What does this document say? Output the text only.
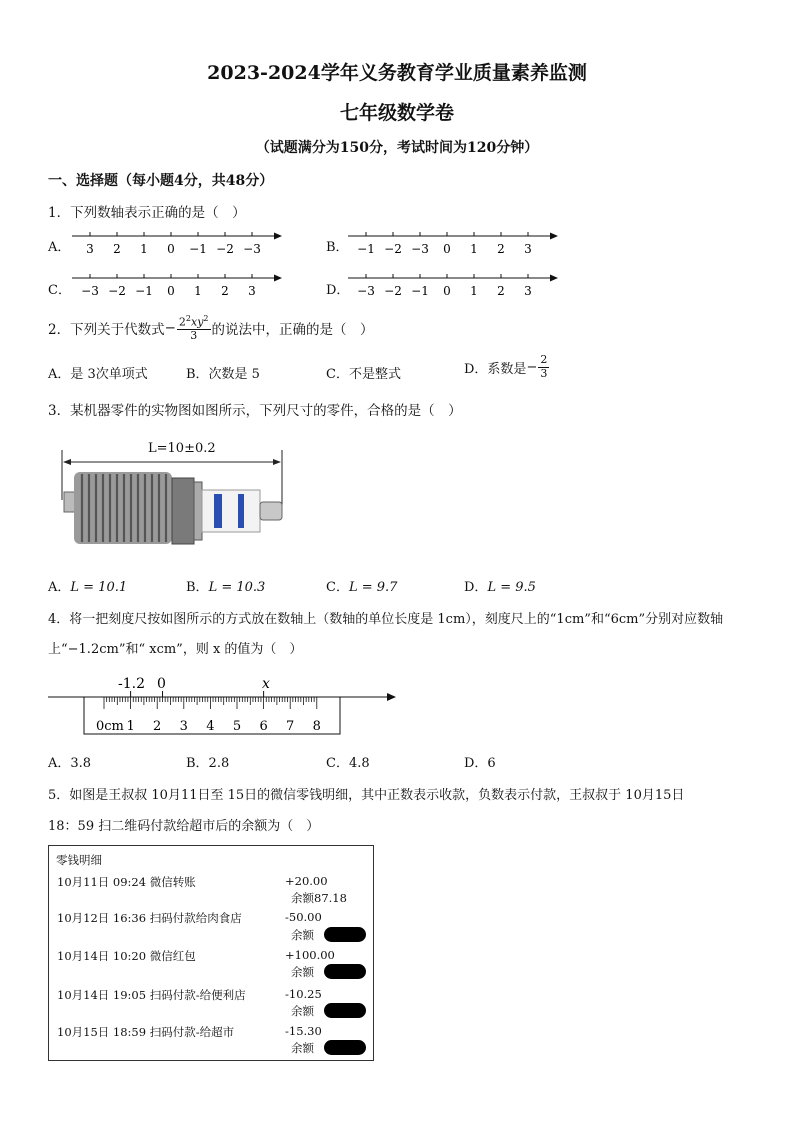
2023-2024学年义务教育学业质量素养监测
七年级数学卷
（试题满分为150分，考试时间为120分钟）
一、选择题（每小题4分，共48分）
1．下列数轴表示正确的是（　）
A． 3 2 1 0 −1 −2 −3	B． −1 −2 −3 0 1 2 3
C． −3 −2 −1 0 1 2 3	D． −3 −2 −1 0 1 2 3
2．下列关于代数式 − $\frac{2^2xy^2}{3}$ 的说法中，正确的是（　）
A．是 3次单项式	B．次数是 5	C．不是整式	D．系数是 − $\frac{2}{3}$
3．某机器零件的实物图如图所示，下列尺寸的零件，合格的是（　）
L=10±0.2
A．L = 10.1	B．L = 10.3	C．L = 9.7	D．L = 9.5
4．将一把刻度尺按如图所示的方式放在数轴上（数轴的单位长度是 1cm），刻度尺上的“1cm”和“6cm”分别对应数轴
上“−1.2cm”和“ xcm”，则 x 的值为（　）
-1.2 0	x
0cm 1 2 3 4 5 6 7 8
A．3.8	B．2.8	C．4.8	D．6
5．如图是王叔叔 10月11日至 15日的微信零钱明细，其中正数表示收款，负数表示付款，王叔叔于 10月15日
18：59 扫二维码付款给超市后的余额为（　）
零钱明细
10月11日 09:24 微信转账	+20.00
余额87.18
10月12日 16:36 扫码付款给肉食店	-50.00
余额
10月14日 10:20 微信红包	+100.00
余额
10月14日 19:05 扫码付款-给便利店	-10.25
余额
10月15日 18:59 扫码付款-给超市	-15.30
余额
